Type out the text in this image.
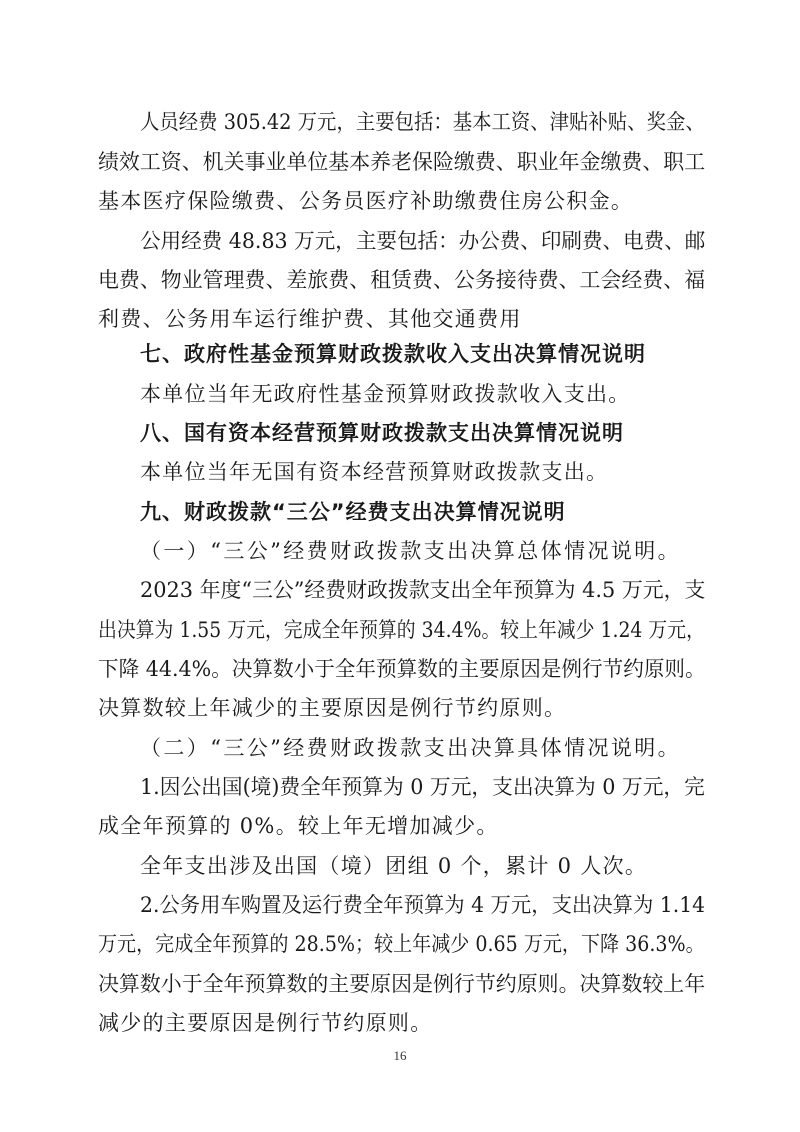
人员经费 305.42 万元，主要包括：基本工资、津贴补贴、奖金、
绩效工资、机关事业单位基本养老保险缴费、职业年金缴费、职工
基本医疗保险缴费、公务员医疗补助缴费住房公积金。
公用经费 48.83 万元，主要包括：办公费、印刷费、电费、邮
电费、物业管理费、差旅费、租赁费、公务接待费、工会经费、福
利费、公务用车运行维护费、其他交通费用
七、政府性基金预算财政拨款收入支出决算情况说明
本单位当年无政府性基金预算财政拨款收入支出。
八、国有资本经营预算财政拨款支出决算情况说明
本单位当年无国有资本经营预算财政拨款支出。
九、财政拨款“三公”经费支出决算情况说明
（一）“三公”经费财政拨款支出决算总体情况说明。
2023 年度“三公”经费财政拨款支出全年预算为 4.5 万元，支
出决算为 1.55 万元，完成全年预算的 34.4%。较上年减少 1.24 万元，
下降 44.4%。决算数小于全年预算数的主要原因是例行节约原则。
决算数较上年减少的主要原因是例行节约原则。
（二）“三公”经费财政拨款支出决算具体情况说明。
1.因公出国(境)费全年预算为 0 万元，支出决算为 0 万元，完
成全年预算的 0%。较上年无增加减少。
全年支出涉及出国（境）团组 0 个，累计 0 人次。
2.公务用车购置及运行费全年预算为 4 万元，支出决算为 1.14
万元，完成全年预算的 28.5%；较上年减少 0.65 万元，下降 36.3%。
决算数小于全年预算数的主要原因是例行节约原则。决算数较上年
减少的主要原因是例行节约原则。
16
